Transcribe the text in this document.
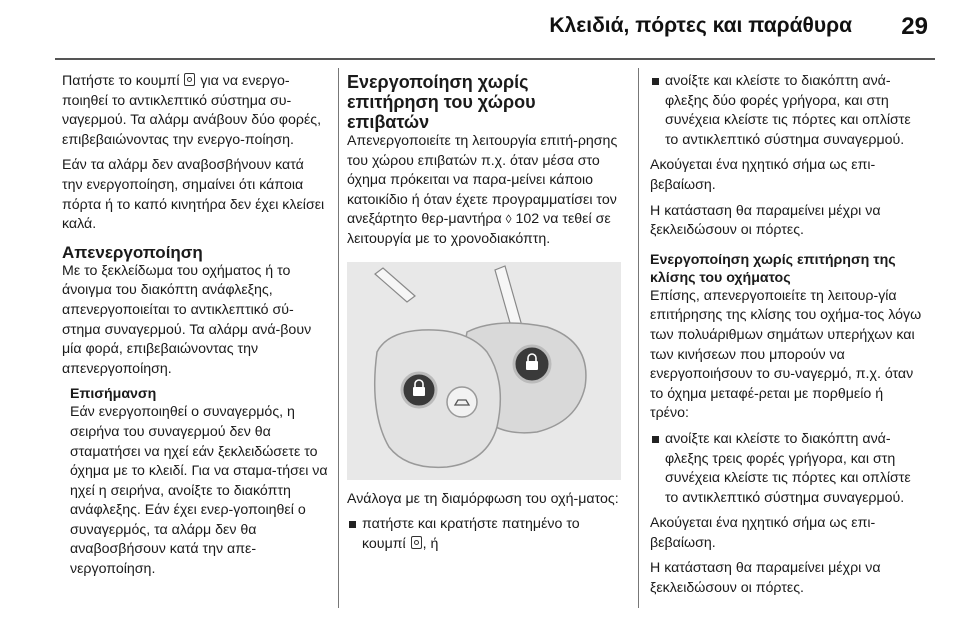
Κλειδιά, πόρτες και παράθυρα 29

Πατήστε το κουμπί για να ενεργο‐ποιηθεί το αντικλεπτικό σύστημα συ‐ναγερμού. Τα αλάρμ ανάβουν δύο φορές, επιβεβαιώνοντας την ενεργο‐ποίηση.

Εάν τα αλάρμ δεν αναβοσβήνουν κατά την ενεργοποίηση, σημαίνει ότι κάποια πόρτα ή το καπό κινητήρα δεν έχει κλείσει καλά.

Απενεργοποίηση

Με το ξεκλείδωμα του οχήματος ή το άνοιγμα του διακόπτη ανάφλεξης, απενεργοποιείται το αντικλεπτικό σύ‐στημα συναγερμού. Τα αλάρμ ανά‐βουν μία φορά, επιβεβαιώνοντας την απενεργοποίηση.

Επισήμανση

Εάν ενεργοποιηθεί ο συναγερμός, η σειρήνα του συναγερμού δεν θα σταματήσει να ηχεί εάν ξεκλειδώσετε το όχημα με το κλειδί. Για να σταμα‐τήσει να ηχεί η σειρήνα, ανοίξτε το διακόπτη ανάφλεξης. Εάν έχει ενερ‐γοποιηθεί ο συναγερμός, τα αλάρμ δεν θα αναβοσβήσουν κατά την απε‐νεργοποίηση.

Ενεργοποίηση χωρίς επιτήρηση του χώρου επιβατών

Απενεργοποιείτε τη λειτουργία επιτή‐ρησης του χώρου επιβατών π.χ. όταν μέσα στο όχημα πρόκειται να παρα‐μείνει κάποιο κατοικίδιο ή όταν έχετε προγραμματίσει τον ανεξάρτητο θερ‐μαντήρα ◊ 102 να τεθεί σε λειτουργία με το χρονοδιακόπτη.

Ανάλογα με τη διαμόρφωση του οχή‐ματος:

πατήστε και κρατήστε πατημένο το κουμπί , ή
ανοίξτε και κλείστε το διακόπτη ανά‐φλεξης δύο φορές γρήγορα, και στη συνέχεια κλείστε τις πόρτες και οπλίστε το αντικλεπτικό σύστημα συναγερμού.

Ακούγεται ένα ηχητικό σήμα ως επι‐βεβαίωση.

Η κατάσταση θα παραμείνει μέχρι να ξεκλειδώσουν οι πόρτες.

Ενεργοποίηση χωρίς επιτήρηση της κλίσης του οχήματος

Επίσης, απενεργοποιείτε τη λειτουρ‐γία επιτήρησης της κλίσης του οχήμα‐τος λόγω των πολυάριθμων σημάτων υπερήχων και των κινήσεων που μπορούν να ενεργοποιήσουν το συ‐ναγερμό, π.χ. όταν το όχημα μεταφέ‐ρεται με πορθμείο ή τρένο:

ανοίξτε και κλείστε το διακόπτη ανά‐φλεξης τρεις φορές γρήγορα, και στη συνέχεια κλείστε τις πόρτες και οπλίστε το αντικλεπτικό σύστημα συναγερμού.

Ακούγεται ένα ηχητικό σήμα ως επι‐βεβαίωση.

Η κατάσταση θα παραμείνει μέχρι να ξεκλειδώσουν οι πόρτες.
